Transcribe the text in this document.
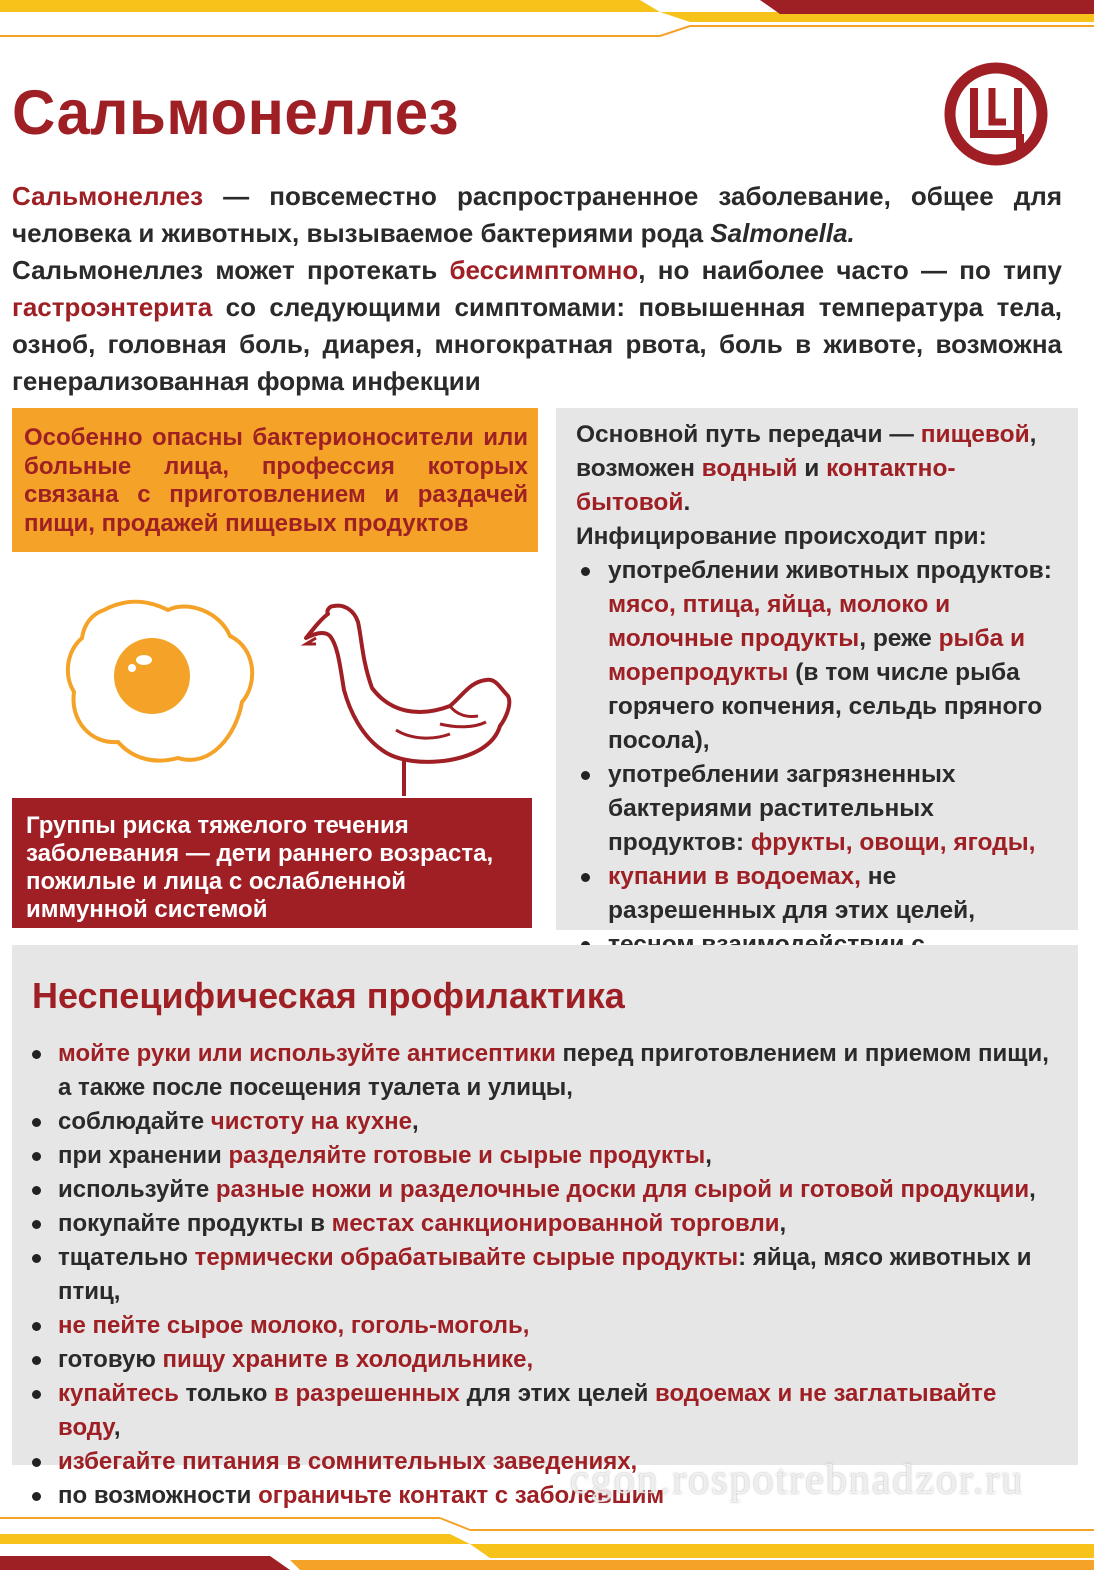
Сальмонеллез

Сальмонеллез — повсеместно распространенное заболевание, общее для человека и животных, вызываемое бактериями рода Salmonella.

Сальмонеллез может протекать бессимптомно, но наиболее часто — по типу гастроэнтерита со следующими симптомами: повышенная температура тела, озноб, головная боль, диарея, многократная рвота, боль в животе, возможна генерализованная форма инфекции

Особенно опасны бактерионосители или больные лица, профессия которых связана с приготовлением и раздачей пищи, продажей пищевых продуктов
Группы риска тяжелого течения заболевания — дети раннего возраста, пожилые и лица с ослабленной иммунной системой
Основной путь передачи — пищевой,
возможен водный и контактно-бытовой.
Инфицирование происходит при:
употреблении животных продуктов: мясо, птица, яйца, молоко и молочные продукты, реже рыба и морепродукты (в том числе рыба горячего копчения, сельдь пряного посола),
употреблении загрязненных бактериями растительных продуктов: фрукты, овощи, ягоды,
купании в водоемах, не разрешенных для этих целей,
Неспецифическая профилактика
мойте руки или используйте антисептики перед приготовлением и приемом пищи, а также после посещения туалета и улицы,
соблюдайте чистоту на кухне,
при хранении разделяйте готовые и сырые продукты,
используйте разные ножи и разделочные доски для сырой и готовой продукции,
покупайте продукты в местах санкционированной торговли,
тщательно термически обрабатывайте сырые продукты: яйца, мясо животных и птиц,
не пейте сырое молоко, гоголь-моголь,
готовую пищу храните в холодильнике,
купайтесь только в разрешенных для этих целей водоемах и не заглатывайте воду,
избегайте питания в сомнительных заведениях,
по возможности ограничьте контакт с заболевшим
cgon.rospotrebnadzor.ru
